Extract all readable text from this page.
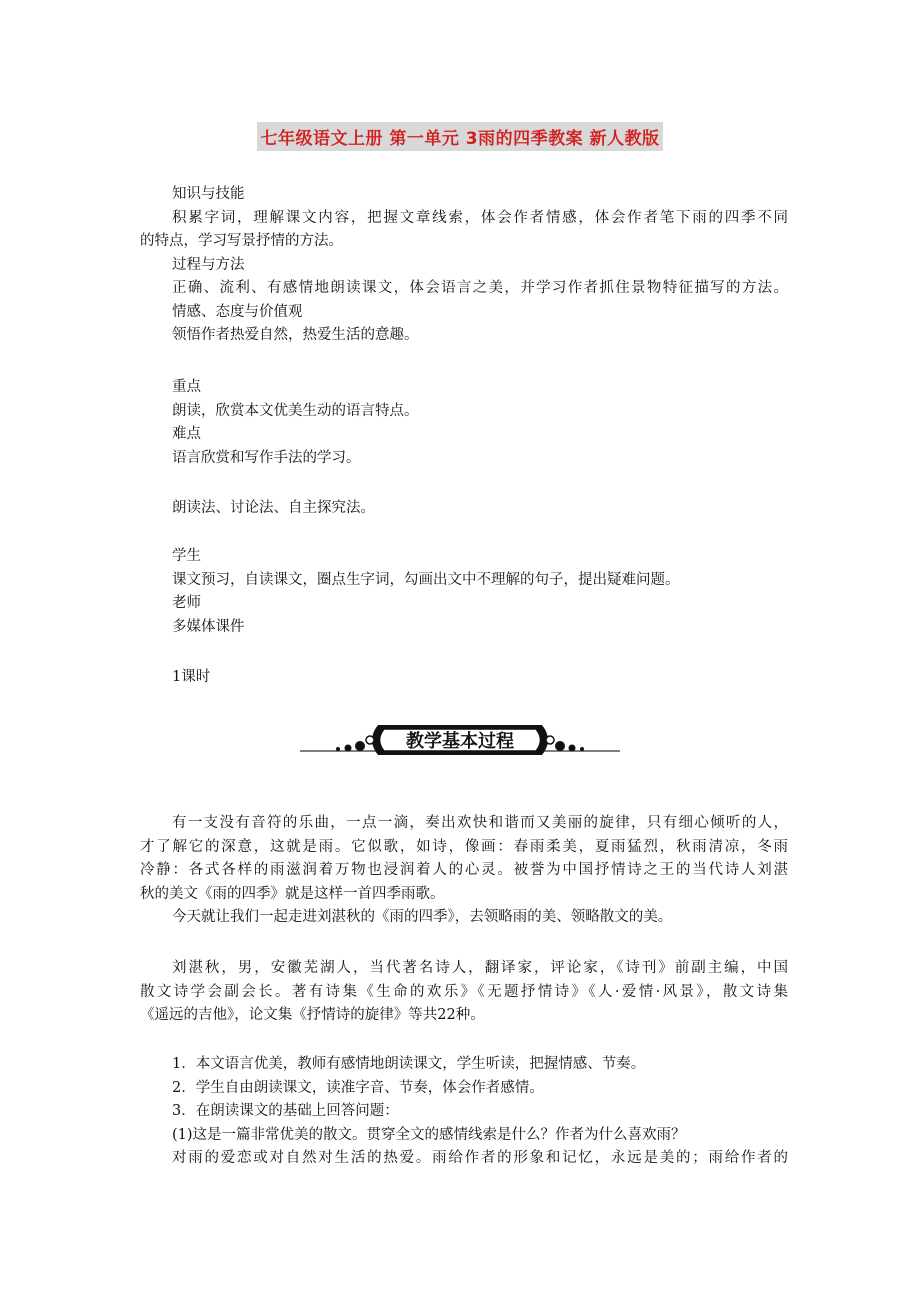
七年级语文上册 第一单元 3雨的四季教案 新人教版
知识与技能
积累字词，理解课文内容，把握文章线索，体会作者情感，体会作者笔下雨的四季不同
的特点，学习写景抒情的方法。
过程与方法
正确、流利、有感情地朗读课文，体会语言之美，并学习作者抓住景物特征描写的方法。
情感、态度与价值观
领悟作者热爱自然，热爱生活的意趣。
重点
朗读，欣赏本文优美生动的语言特点。
难点
语言欣赏和写作手法的学习。
朗读法、讨论法、自主探究法。
学生
课文预习，自读课文，圈点生字词，勾画出文中不理解的句子，提出疑难问题。
老师
多媒体课件
1课时
教学基本过程
有一支没有音符的乐曲，一点一滴，奏出欢快和谐而又美丽的旋律，只有细心倾听的人，
才了解它的深意，这就是雨。它似歌，如诗，像画：春雨柔美，夏雨猛烈，秋雨清凉，冬雨
冷静：各式各样的雨滋润着万物也浸润着人的心灵。被誉为中国抒情诗之王的当代诗人刘湛
秋的美文《雨的四季》就是这样一首四季雨歌。
今天就让我们一起走进刘湛秋的《雨的四季》，去领略雨的美、领略散文的美。
刘湛秋，男，安徽芜湖人，当代著名诗人，翻译家，评论家，《诗刊》前副主编，中国
散文诗学会副会长。著有诗集《生命的欢乐》《无题抒情诗》《人·爱情·风景》，散文诗集
《遥远的吉他》，论文集《抒情诗的旋律》等共22种。
1．本文语言优美，教师有感情地朗读课文，学生听读，把握情感、节奏。
2．学生自由朗读课文，读准字音、节奏，体会作者感情。
3．在朗读课文的基础上回答问题：
(1)这是一篇非常优美的散文。贯穿全文的感情线索是什么？作者为什么喜欢雨？
对雨的爱恋或对自然对生活的热爱。雨给作者的形象和记忆，永远是美的；雨给作者的
